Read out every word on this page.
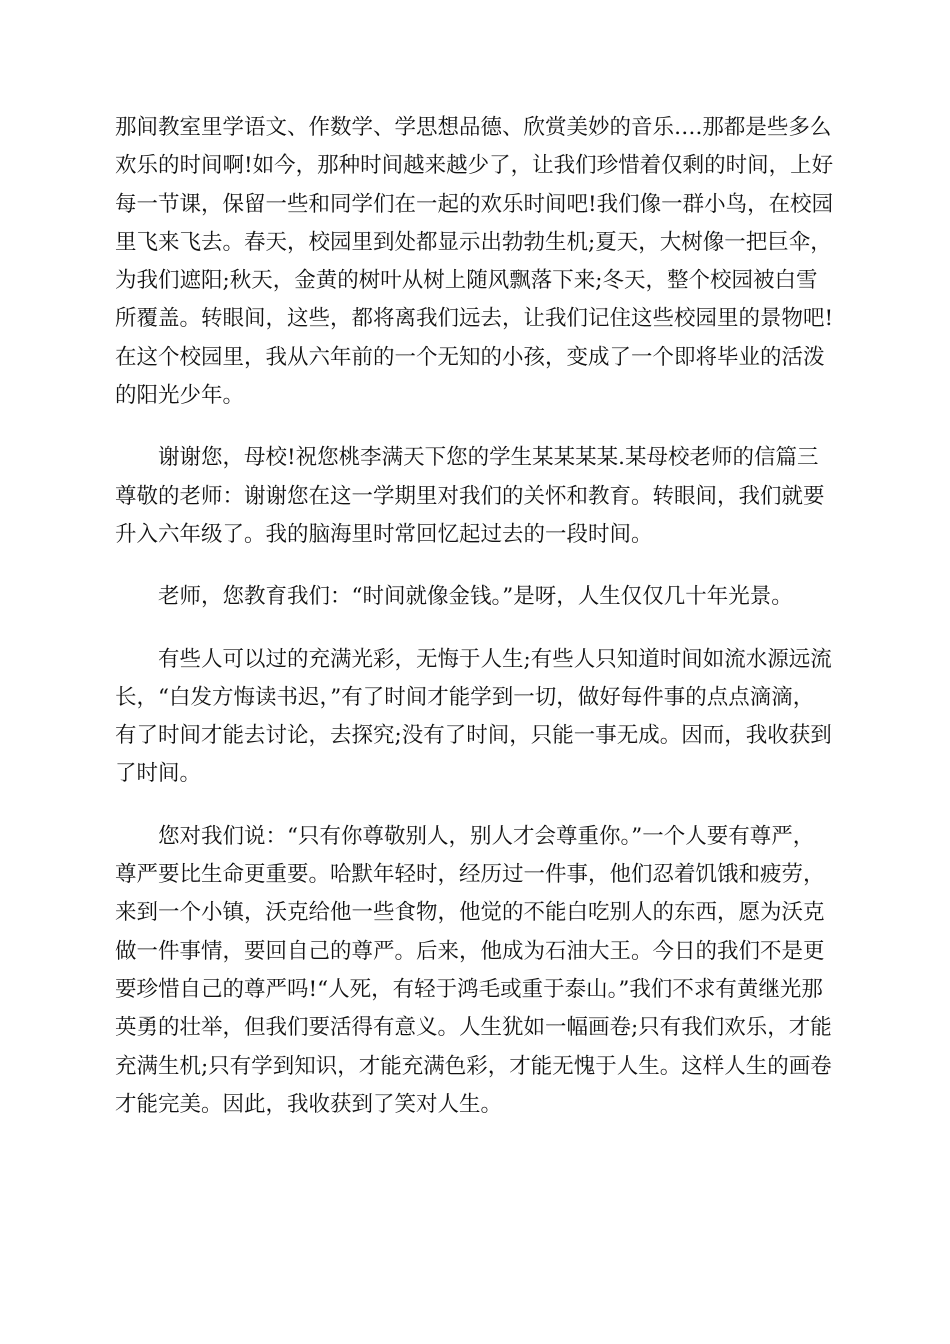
那间教室里学语文、作数学、学思想品德、欣赏美妙的音乐….那都是些多么欢乐的时间啊!如今，那种时间越来越少了，让我们珍惜着仅剩的时间，上好每一节课，保留一些和同学们在一起的欢乐时间吧!我们像一群小鸟，在校园里飞来飞去。春天，校园里到处都显示出勃勃生机;夏天，大树像一把巨伞，为我们遮阳;秋天，金黄的树叶从树上随风飘落下来;冬天，整个校园被白雪所覆盖。转眼间，这些，都将离我们远去，让我们记住这些校园里的景物吧!在这个校园里，我从六年前的一个无知的小孩，变成了一个即将毕业的活泼的阳光少年。

谢谢您，母校!祝您桃李满天下您的学生某某某某.某母校老师的信篇三尊敬的老师：谢谢您在这一学期里对我们的关怀和教育。转眼间，我们就要升入六年级了。我的脑海里时常回忆起过去的一段时间。

老师，您教育我们：“时间就像金钱。”是呀，人生仅仅几十年光景。

有些人可以过的充满光彩，无悔于人生;有些人只知道时间如流水源远流长，“白发方悔读书迟，”有了时间才能学到一切，做好每件事的点点滴滴，有了时间才能去讨论，去探究;没有了时间，只能一事无成。因而，我收获到了时间。

您对我们说：“只有你尊敬别人，别人才会尊重你。”一个人要有尊严，尊严要比生命更重要。哈默年轻时，经历过一件事，他们忍着饥饿和疲劳，来到一个小镇，沃克给他一些食物，他觉的不能白吃别人的东西，愿为沃克做一件事情，要回自己的尊严。后来，他成为石油大王。今日的我们不是更要珍惜自己的尊严吗!“人死，有轻于鸿毛或重于泰山。”我们不求有黄继光那英勇的壮举，但我们要活得有意义。人生犹如一幅画卷;只有我们欢乐，才能充满生机;只有学到知识，才能充满色彩，才能无愧于人生。这样人生的画卷才能完美。因此，我收获到了笑对人生。
